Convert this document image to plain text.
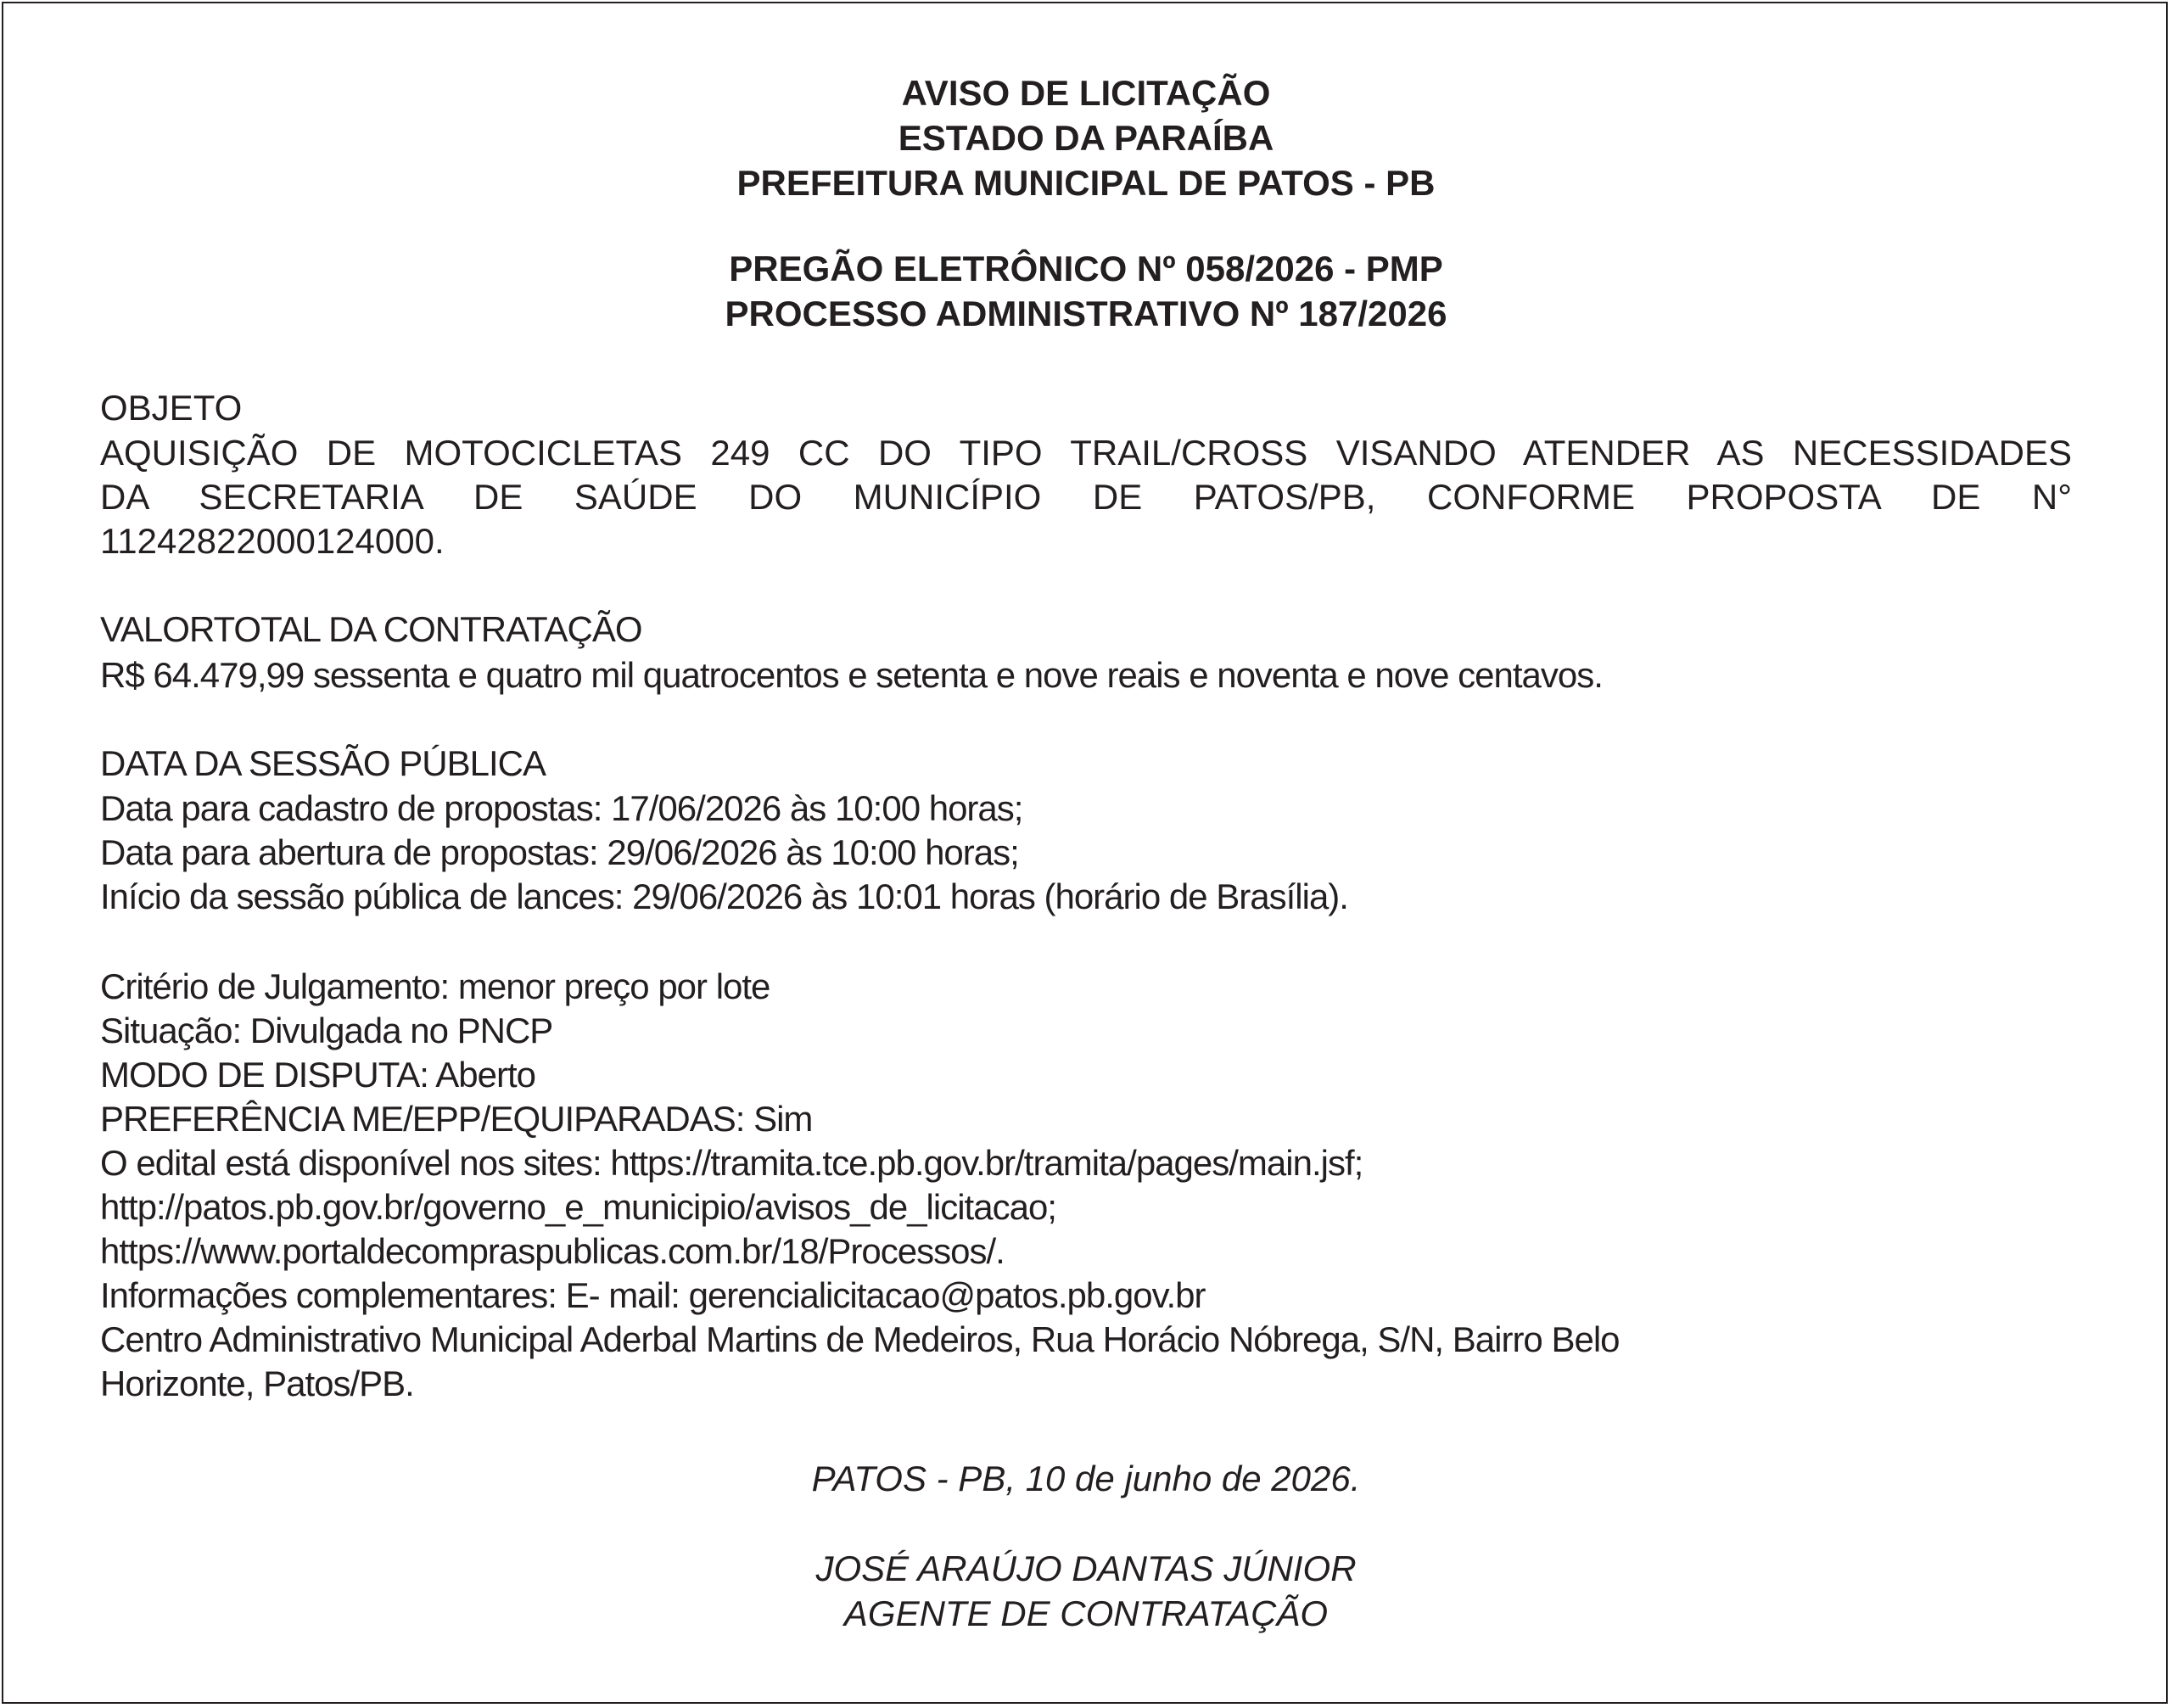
AVISO DE LICITAÇÃO
ESTADO DA PARAÍBA
PREFEITURA MUNICIPAL DE PATOS - PB
PREGÃO ELETRÔNICO Nº 058/2026 - PMP
PROCESSO ADMINISTRATIVO Nº 187/2026
OBJETO
AQUISIÇÃO DE MOTOCICLETAS 249 CC DO TIPO TRAIL/CROSS VISANDO ATENDER AS NECESSIDADES
DA SECRETARIA DE SAÚDE DO MUNICÍPIO DE PATOS/PB, CONFORME PROPOSTA DE N°
11242822000124000.
VALORTOTAL DA CONTRATAÇÃO
R$ 64.479,99 sessenta e quatro mil quatrocentos e setenta e nove reais e noventa e nove centavos.
DATA DA SESSÃO PÚBLICA
Data para cadastro de propostas: 17/06/2026 às 10:00 horas;
Data para abertura de propostas: 29/06/2026 às 10:00 horas;
Início da sessão pública de lances: 29/06/2026 às 10:01 horas (horário de Brasília).
Critério de Julgamento: menor preço por lote
Situação: Divulgada no PNCP
MODO DE DISPUTA: Aberto
PREFERÊNCIA ME/EPP/EQUIPARADAS: Sim
O edital está disponível nos sites: https://tramita.tce.pb.gov.br/tramita/pages/main.jsf;
http://patos.pb.gov.br/governo_e_municipio/avisos_de_licitacao;
https://www.portaldecompraspublicas.com.br/18/Processos/.
Informações complementares: E- mail: gerencialicitacao@patos.pb.gov.br
Centro Administrativo Municipal Aderbal Martins de Medeiros, Rua Horácio Nóbrega, S/N, Bairro Belo
Horizonte, Patos/PB.
PATOS - PB, 10 de junho de 2026.
JOSÉ ARAÚJO DANTAS JÚNIOR
AGENTE DE CONTRATAÇÃO
